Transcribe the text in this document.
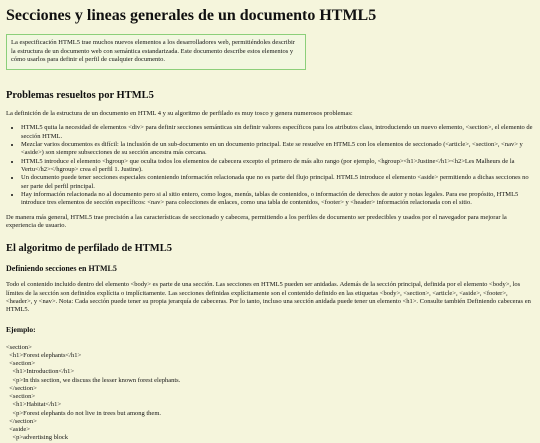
Secciones y lineas generales de un documento HTML5
La especificación HTML5 trae muchos nuevos elementos a los desarrolladores web, permitiéndoles describir la estructura de un documento web con semántica estandarizada. Este documento describe estos elementos y cómo usarlos para definir el perfil de cualquier documento.
Problemas resueltos por HTML5

La definición de la estructura de un documento en HTML 4 y su algoritmo de perfilado es muy tosco y genera numerosos problemas:

• HTML5 quita la necesidad de elementos <div> para definir secciones semánticas sin definir valores específicos para los atributos class, introduciendo un nuevo elemento, <section>, el elemento de sección HTML.
• Mezclar varios documentos es difícil: la inclusión de un sub-documento en un documento principal. Este se resuelve en HTML5 con los elementos de seccionado (<article>, <section>, <nav> y <aside>) son siempre subsecciones de su sección ancestra más cercana.
• HTML5 introduce el elemento <hgroup> que oculta todos los elementos de cabecera excepto el primero de más alto rango (por ejemplo, <hgroup><h1>Justine</h1><h2>Les Malheurs de la Vertu</h2></hgroup> crea el perfil 1. Justine).
• Un documento puede tener secciones especiales conteniendo información relacionada que no es parte del flujo principal. HTML5 introduce el elemento <aside> permitiendo a dichas secciones no ser parte del perfil principal.
• Hay información relacionada no al documento pero si al sitio entero, como logos, menús, tablas de contenidos, o información de derechos de autor y notas legales. Para ese propósito, HTML5 introduce tres elementos de sección específicos: <nav> para colecciones de enlaces, como una tabla de contenidos, <footer> y <header> información relacionada con el sitio.

De manera más general, HTML5 trae precisión a las características de seccionado y cabecera, permitiendo a los perfiles de documento ser predecibles y usados por el navegador para mejorar la experiencia de usuario.

El algoritmo de perfilado de HTML5
Definiendo secciones en HTML5

Todo el contenido incluido dentro del elemento <body> es parte de una sección. Las secciones en HTML5 pueden ser anidadas. Además de la sección principal, definida por el elemento <body>, los límites de la sección son definidos explícita o implícitamente. Las secciones definidas explícitamente son el contenido definido en las etiquetas <body>, <section>, <article>, <aside>, <footer>, <header>, y <nav>. Nota: Cada sección puede tener su propia jerarquía de cabeceras. Por lo tanto, incluso una sección anidada puede tener un elemento <h1>. Consulte también Definiendo cabeceras en HTML5.

Ejemplo:
<section>
<h1>Forest elephants</h1>
<section>
<h1>Introduction</h1>
<p>In this section, we discuss the lesser known forest elephants.
</section>
<section>
<h1>Habitat</h1>
<p>Forest elephants do not live in trees but among them.
</section>
<aside>
<p>advertising block
